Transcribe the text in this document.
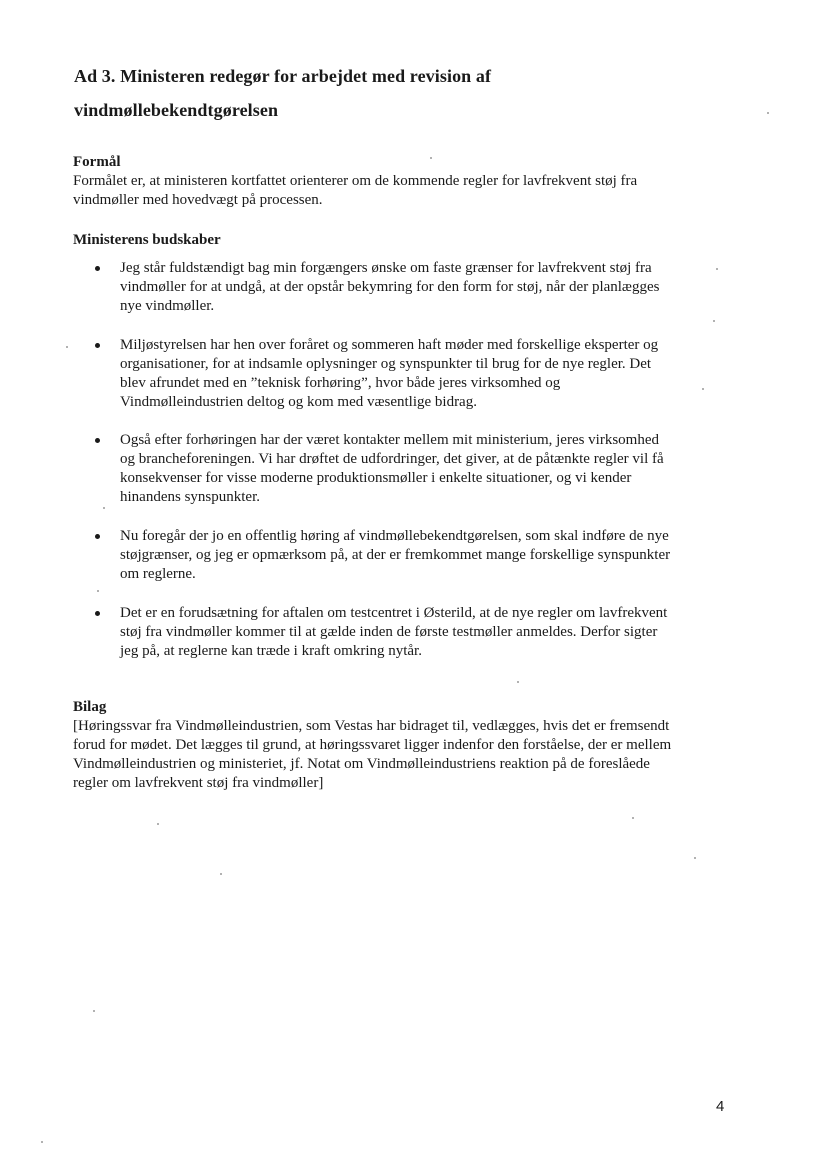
Ad 3. Ministeren redegør for arbejdet med revision af
vindmøllebekendtgørelsen

Formål

Formålet er, at ministeren kortfattet orienterer om de kommende regler for lavfrekvent støj fra

vindmøller med hovedvægt på processen.

Ministerens budskaber

Jeg står fuldstændigt bag min forgængers ønske om faste grænser for lavfrekvent støj fra
vindmøller for at undgå, at der opstår bekymring for den form for støj, når der planlægges
nye vindmøller.
Miljøstyrelsen har hen over foråret og sommeren haft møder med forskellige eksperter og
organisationer, for at indsamle oplysninger og synspunkter til brug for de nye regler. Det
blev afrundet med en ”teknisk forhøring”, hvor både jeres virksomhed og
Vindmølleindustrien deltog og kom med væsentlige bidrag.
Også efter forhøringen har der været kontakter mellem mit ministerium, jeres virksomhed
og brancheforeningen. Vi har drøftet de udfordringer, det giver, at de påtænkte regler vil få
konsekvenser for visse moderne produktionsmøller i enkelte situationer, og vi kender
hinandens synspunkter.
Nu foregår der jo en offentlig høring af vindmøllebekendtgørelsen, som skal indføre de nye
støjgrænser, og jeg er opmærksom på, at der er fremkommet mange forskellige synspunkter
om reglerne.
Det er en forudsætning for aftalen om testcentret i Østerild, at de nye regler om lavfrekvent
støj fra vindmøller kommer til at gælde inden de første testmøller anmeldes. Derfor sigter
jeg på, at reglerne kan træde i kraft omkring nytår.

Bilag

[Høringssvar fra Vindmølleindustrien, som Vestas har bidraget til, vedlægges, hvis det er fremsendt

forud for mødet. Det lægges til grund, at høringssvaret ligger indenfor den forståelse, der er mellem

Vindmølleindustrien og ministeriet, jf. Notat om Vindmølleindustriens reaktion på de foreslåede

regler om lavfrekvent støj fra vindmøller]

4
